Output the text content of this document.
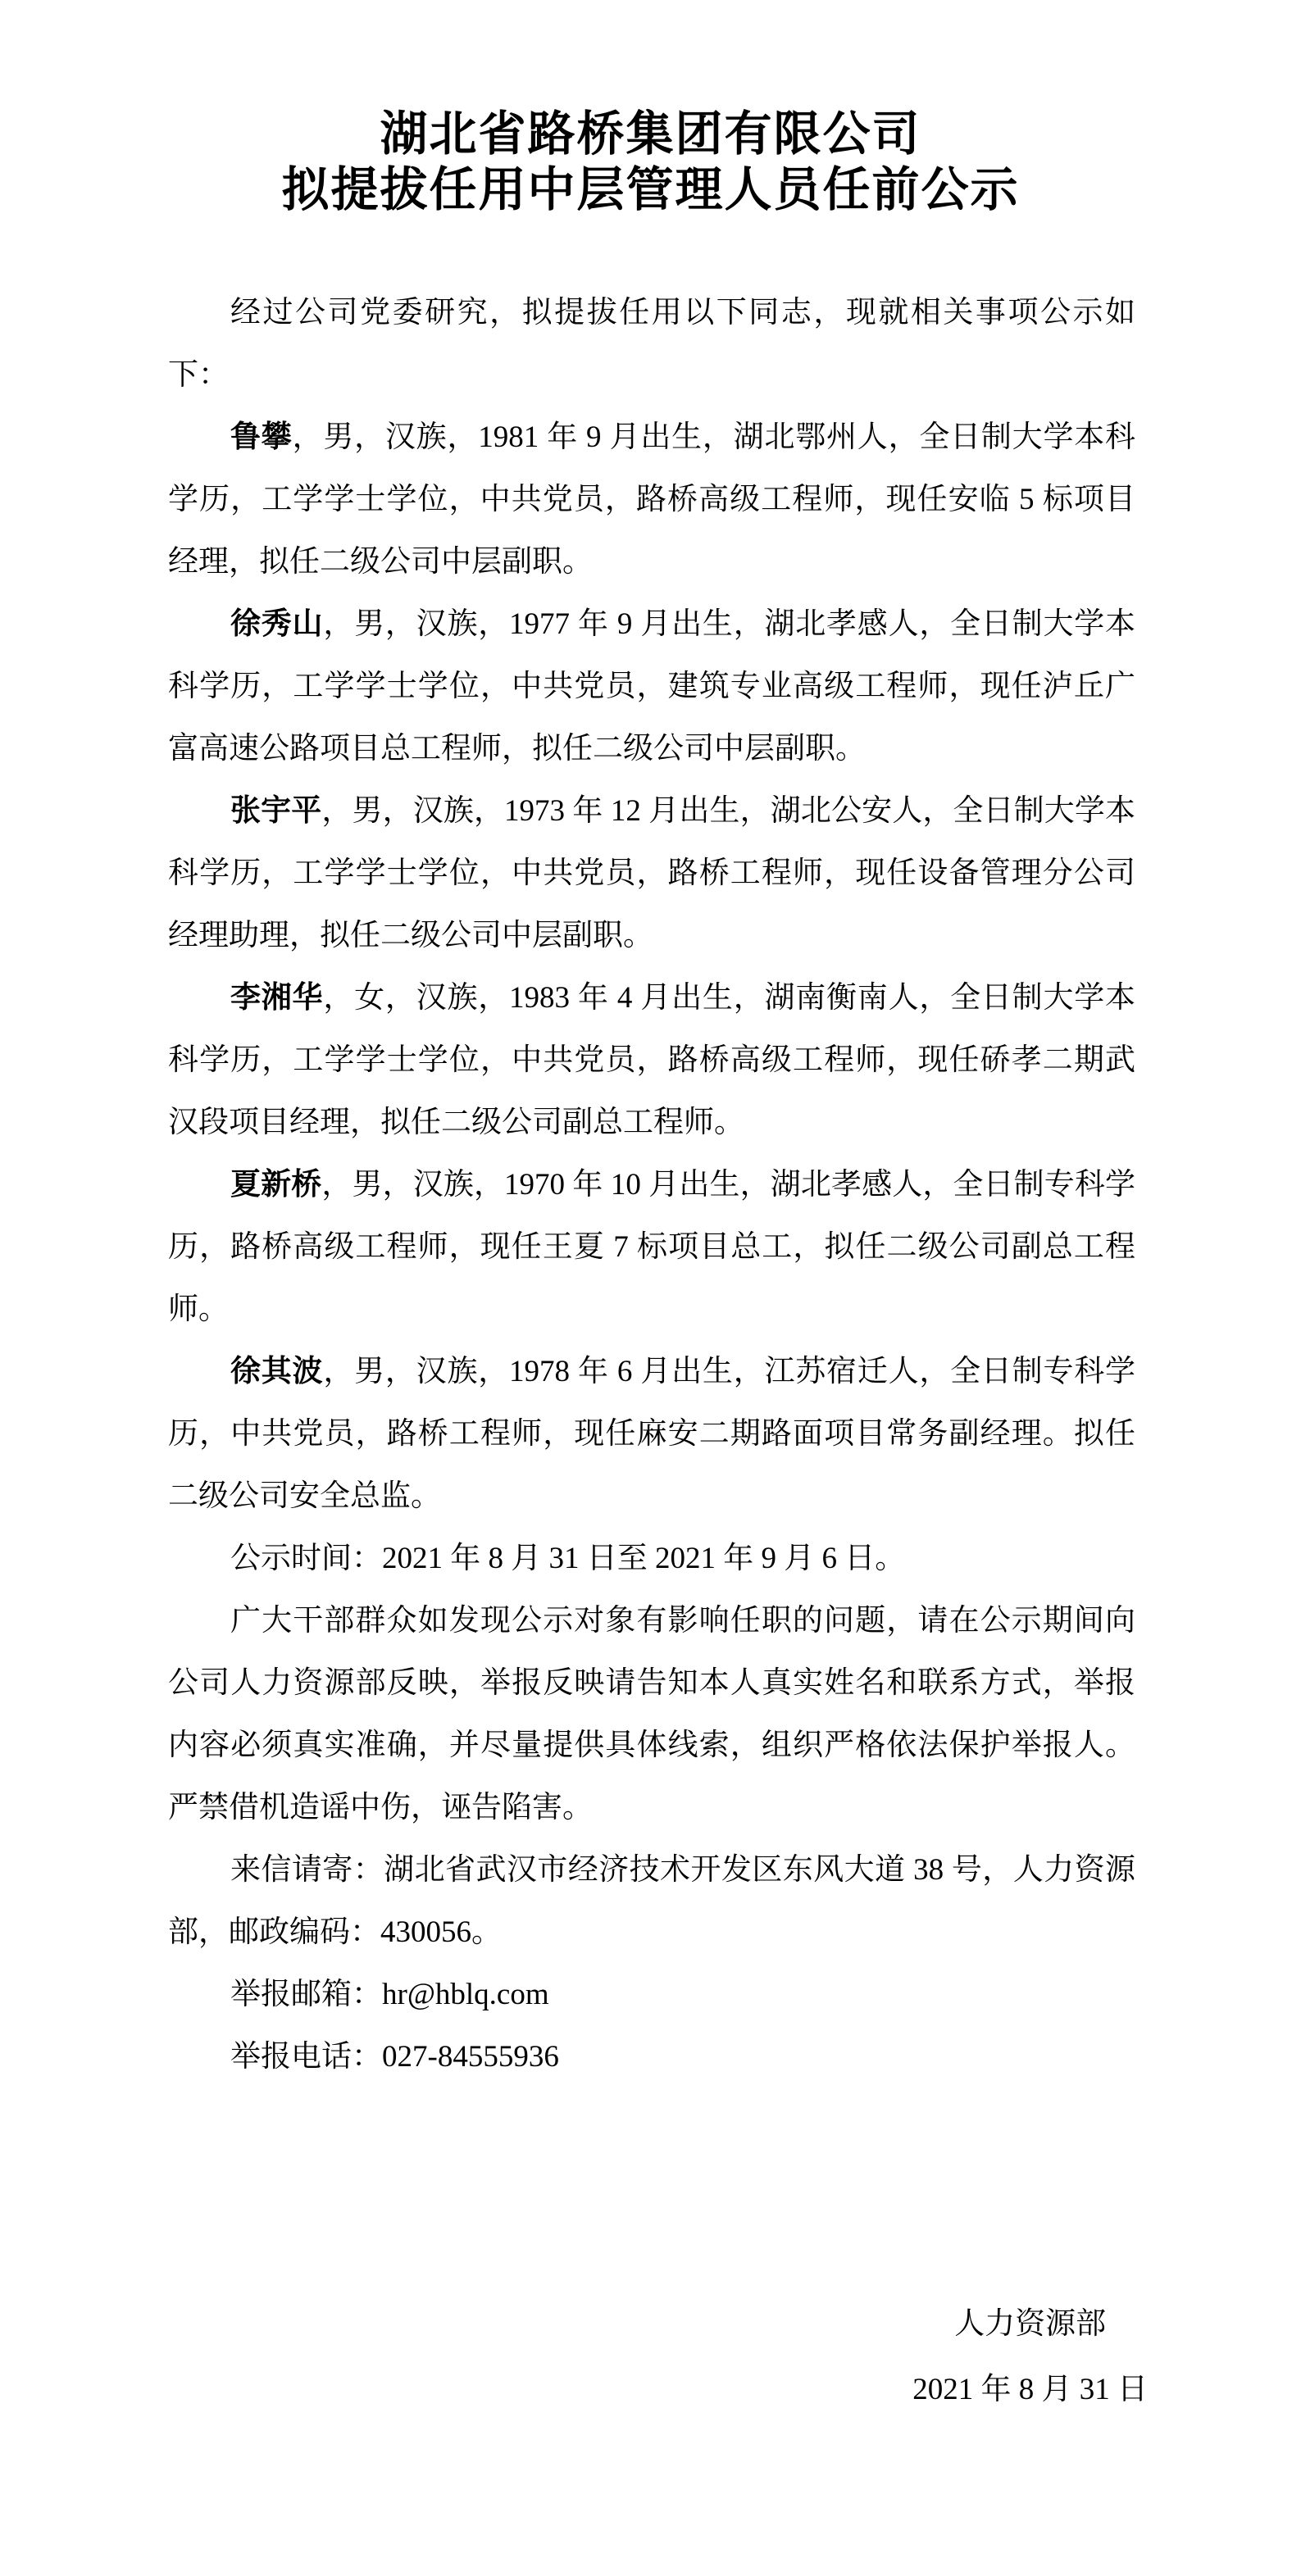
湖北省路桥集团有限公司
拟提拔任用中层管理人员任前公示

经过公司党委研究，拟提拔任用以下同志，现就相关事项公示如下：

鲁攀，男，汉族，1981 年 9 月出生，湖北鄂州人，全日制大学本科学历，工学学士学位，中共党员，路桥高级工程师，现任安临 5 标项目经理，拟任二级公司中层副职。

徐秀山，男，汉族，1977 年 9 月出生，湖北孝感人，全日制大学本科学历，工学学士学位，中共党员，建筑专业高级工程师，现任泸丘广富高速公路项目总工程师，拟任二级公司中层副职。

张宇平，男，汉族，1973 年 12 月出生，湖北公安人，全日制大学本科学历，工学学士学位，中共党员，路桥工程师，现任设备管理分公司经理助理，拟任二级公司中层副职。

李湘华，女，汉族，1983 年 4 月出生，湖南衡南人，全日制大学本科学历，工学学士学位，中共党员，路桥高级工程师，现任硚孝二期武汉段项目经理，拟任二级公司副总工程师。

夏新桥，男，汉族，1970 年 10 月出生，湖北孝感人，全日制专科学历，路桥高级工程师，现任王夏 7 标项目总工，拟任二级公司副总工程师。

徐其波，男，汉族，1978 年 6 月出生，江苏宿迁人，全日制专科学历，中共党员，路桥工程师，现任麻安二期路面项目常务副经理。拟任二级公司安全总监。

公示时间：2021 年 8 月 31 日至 2021 年 9 月 6 日。

广大干部群众如发现公示对象有影响任职的问题，请在公示期间向公司人力资源部反映，举报反映请告知本人真实姓名和联系方式，举报内容必须真实准确，并尽量提供具体线索，组织严格依法保护举报人。严禁借机造谣中伤，诬告陷害。

来信请寄：湖北省武汉市经济技术开发区东风大道 38 号，人力资源部，邮政编码：430056。

举报邮箱：hr@hblq.com

举报电话：027-84555936

人力资源部
2021 年 8 月 31 日
